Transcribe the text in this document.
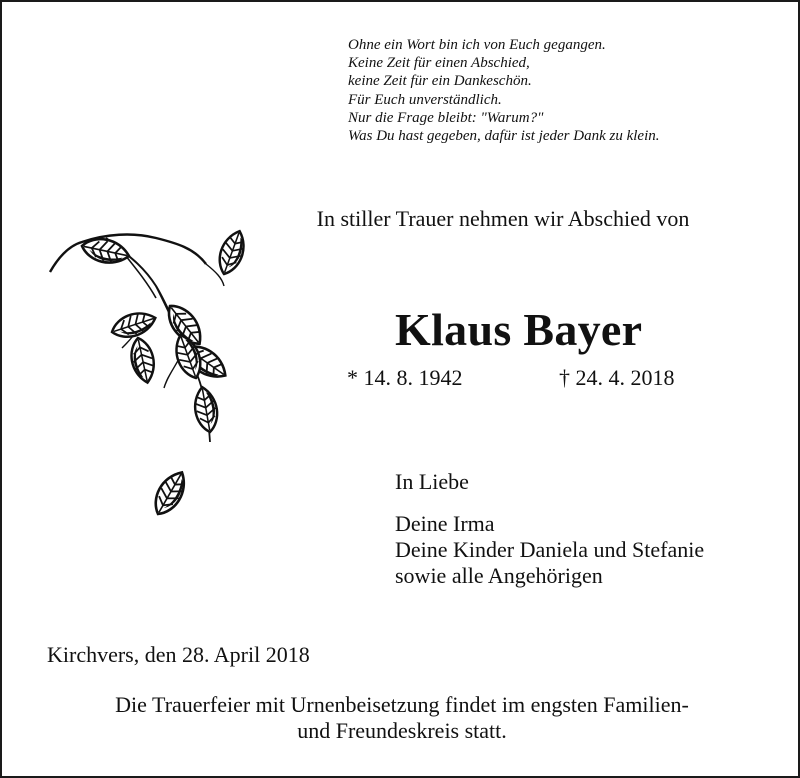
Ohne ein Wort bin ich von Euch gegangen.
Keine Zeit für einen Abschied,
keine Zeit für ein Dankeschön.
Für Euch unverständlich.
Nur die Frage bleibt: "Warum?"
Was Du hast gegeben, dafür ist jeder Dank zu klein.
In stiller Trauer nehmen wir Abschied von
Klaus Bayer
* 14. 8. 1942	† 24. 4. 2018
In Liebe
Deine Irma
Deine Kinder Daniela und Stefanie
sowie alle Angehörigen
Kirchvers, den 28. April 2018
Die Trauerfeier mit Urnenbeisetzung findet im engsten Familien-
und Freundeskreis statt.
